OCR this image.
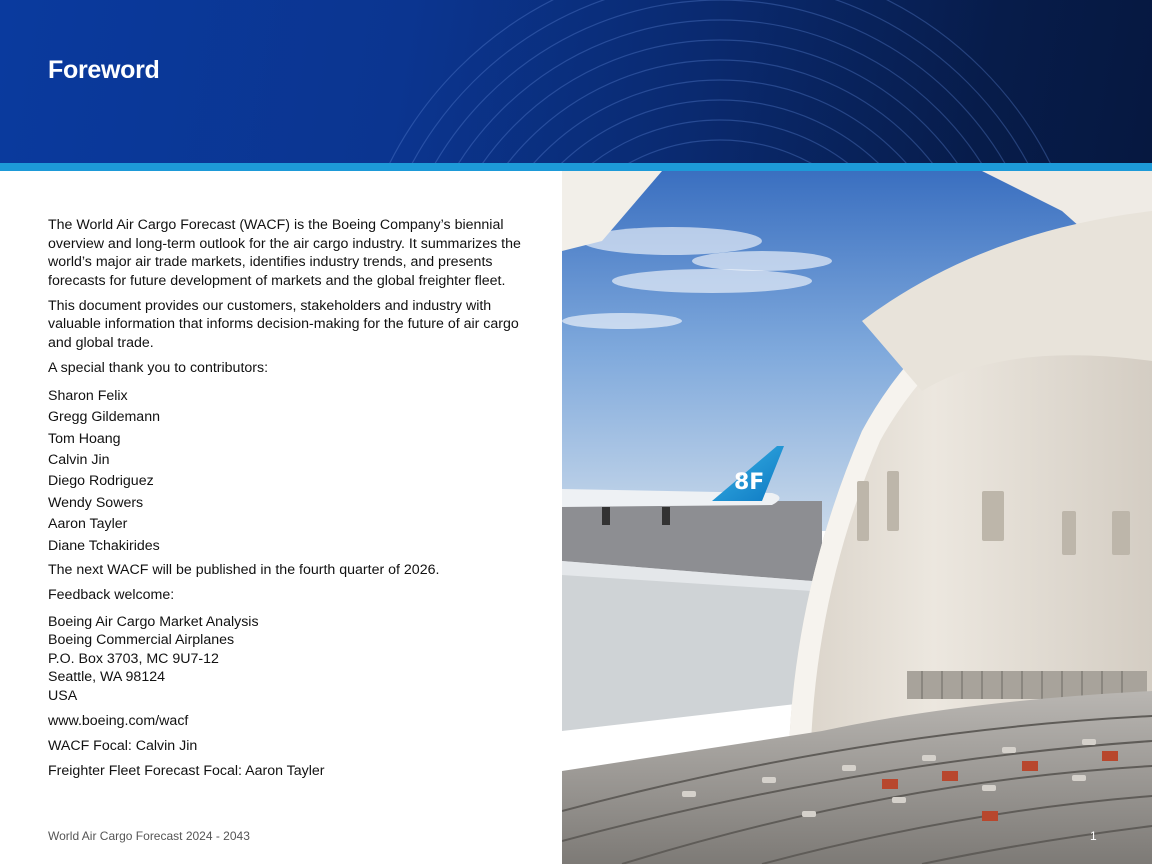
Foreword

The World Air Cargo Forecast (WACF) is the Boeing Company’s biennial overview and long-term outlook for the air cargo industry. It summarizes the world’s major air trade markets, identifies industry trends, and presents forecasts for future development of markets and the global freighter fleet.

This document provides our customers, stakeholders and industry with valuable information that informs decision-making for the future of air cargo and global trade.

A special thank you to contributors:

Sharon Felix
Gregg Gildemann
Tom Hoang
Calvin Jin
Diego Rodriguez
Wendy Sowers
Aaron Tayler
Diane Tchakirides

The next WACF will be published in the fourth quarter of 2026.

Feedback welcome:

Boeing Air Cargo Market Analysis
Boeing Commercial Airplanes
P.O. Box 3703, MC 9U7-12
Seattle, WA 98124
USA

www.boeing.com/wacf

WACF Focal: Calvin Jin

Freighter Fleet Forecast Focal: Aaron Tayler

World Air Cargo Forecast 2024 - 2043
8F
1
